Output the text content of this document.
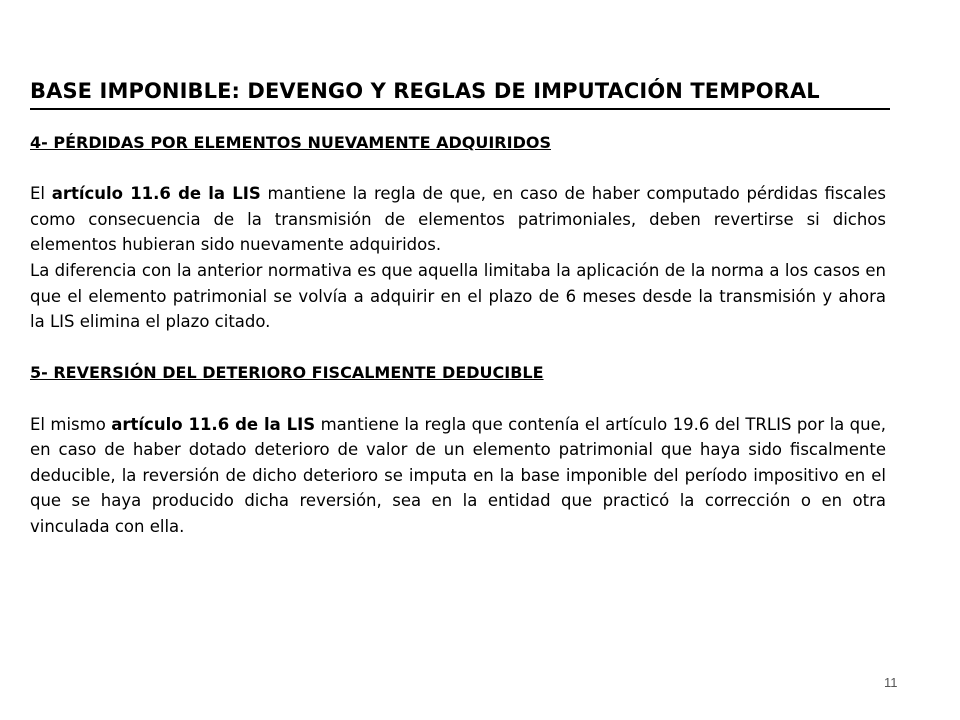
BASE IMPONIBLE: DEVENGO Y REGLAS DE IMPUTACIÓN TEMPORAL

4- PÉRDIDAS POR ELEMENTOS NUEVAMENTE ADQUIRIDOS

El artículo 11.6 de la LIS mantiene la regla de que, en caso de haber computado pérdidas fiscales como consecuencia de la transmisión de elementos patrimoniales, deben revertirse si dichos elementos hubieran sido nuevamente adquiridos.

La diferencia con la anterior normativa es que aquella limitaba la aplicación de la norma a los casos en que el elemento patrimonial se volvía a adquirir en el plazo de 6 meses desde la transmisión y ahora la LIS elimina el plazo citado.

5- REVERSIÓN DEL DETERIORO FISCALMENTE DEDUCIBLE

El mismo artículo 11.6 de la LIS mantiene la regla que contenía el artículo 19.6 del TRLIS por la que, en caso de haber dotado deterioro de valor de un elemento patrimonial que haya sido fiscalmente deducible, la reversión de dicho deterioro se imputa en la base imponible del período impositivo en el que se haya producido dicha reversión, sea en la entidad que practicó la corrección o en otra vinculada con ella.

11
